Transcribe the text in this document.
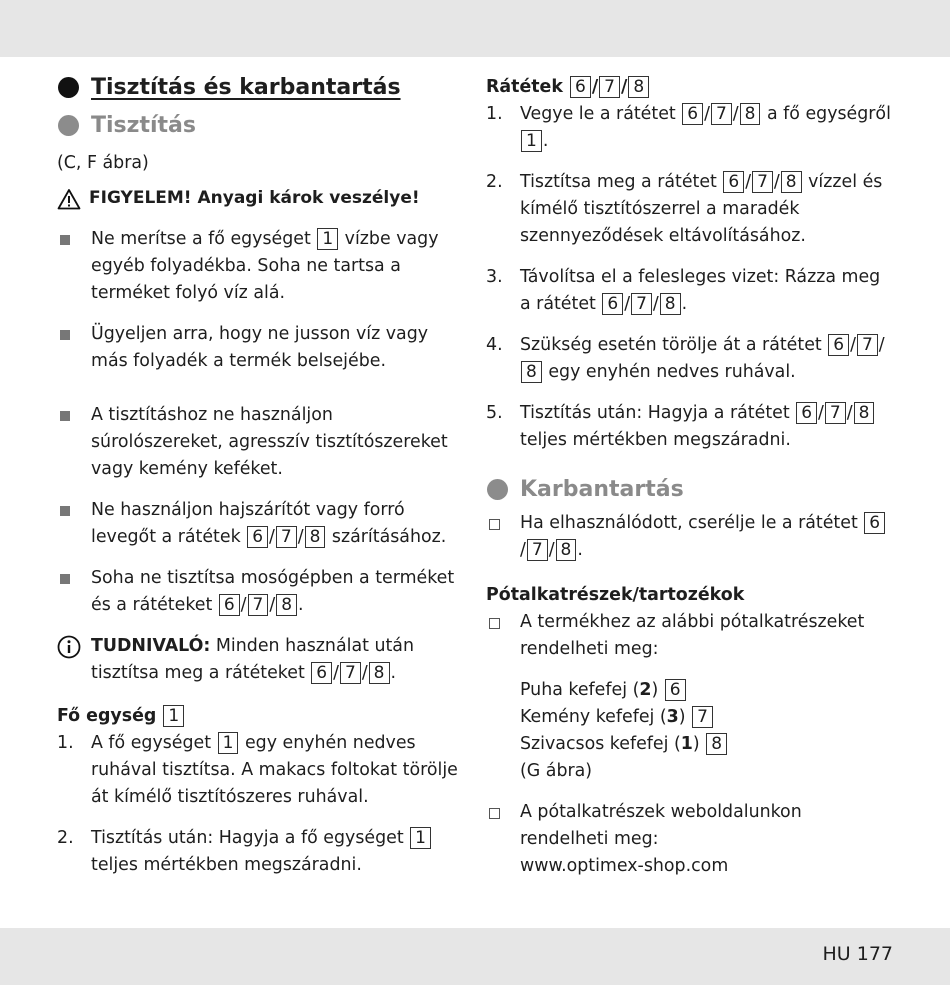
Tisztítás és karbantartás
Tisztítás

(C, F ábra)

FIGYELEM! Anyagi károk veszélye!
Ne merítse a fő egységet 1 vízbe vagy egyéb folyadékba. Soha ne tartsa a terméket folyó víz alá.
Ügyeljen arra, hogy ne jusson víz vagy más folyadék a termék belsejébe.
A tisztításhoz ne használjon súrolószereket, agresszív tisztítószereket vagy kemény keféket.
Ne használjon hajszárítót vagy forró levegőt a rátétek 6 / 7 / 8 szárításához.
Soha ne tisztítsa mosógépben a terméket és a rátéteket 6 / 7 / 8 .
TUDNIVALÓ: Minden használat után tisztítsa meg a rátéteket 6 / 7 / 8 .
Fő egység 1
1. A fő egységet 1 egy enyhén nedves ruhával tisztítsa. A makacs foltokat törölje át kímélő tisztítószeres ruhával.
2. Tisztítás után: Hagyja a fő egységet 1 teljes mértékben megszáradni.
Rátétek 6 / 7 / 8
1. Vegye le a rátétet 6 / 7 / 8 a fő egységről 1 .
2. Tisztítsa meg a rátétet 6 / 7 / 8 vízzel és kímélő tisztítószerrel a maradék szennyeződések eltávolításához.
3. Távolítsa el a felesleges vizet: Rázza meg a rátétet 6 / 7 / 8 .
4. Szükség esetén törölje át a rátétet 6 / 7 /8 egy enyhén nedves ruhával.
5. Tisztítás után: Hagyja a rátétet 6 / 7 / 8 teljes mértékben megszáradni.
Karbantartás
Ha elhasználódott, cserélje le a rátétet 6/ 7 / 8 .
Pótalkatrészek/tartozékok
A termékhez az alábbi pótalkatrészeket rendelheti meg:
Puha kefefej (2) 6
Kemény kefefej (3) 7
Szivacsos kefefej (1) 8
(G ábra)
A pótalkatrészek weboldalunkon rendelheti meg:
www.optimex-shop.com
HU 177
